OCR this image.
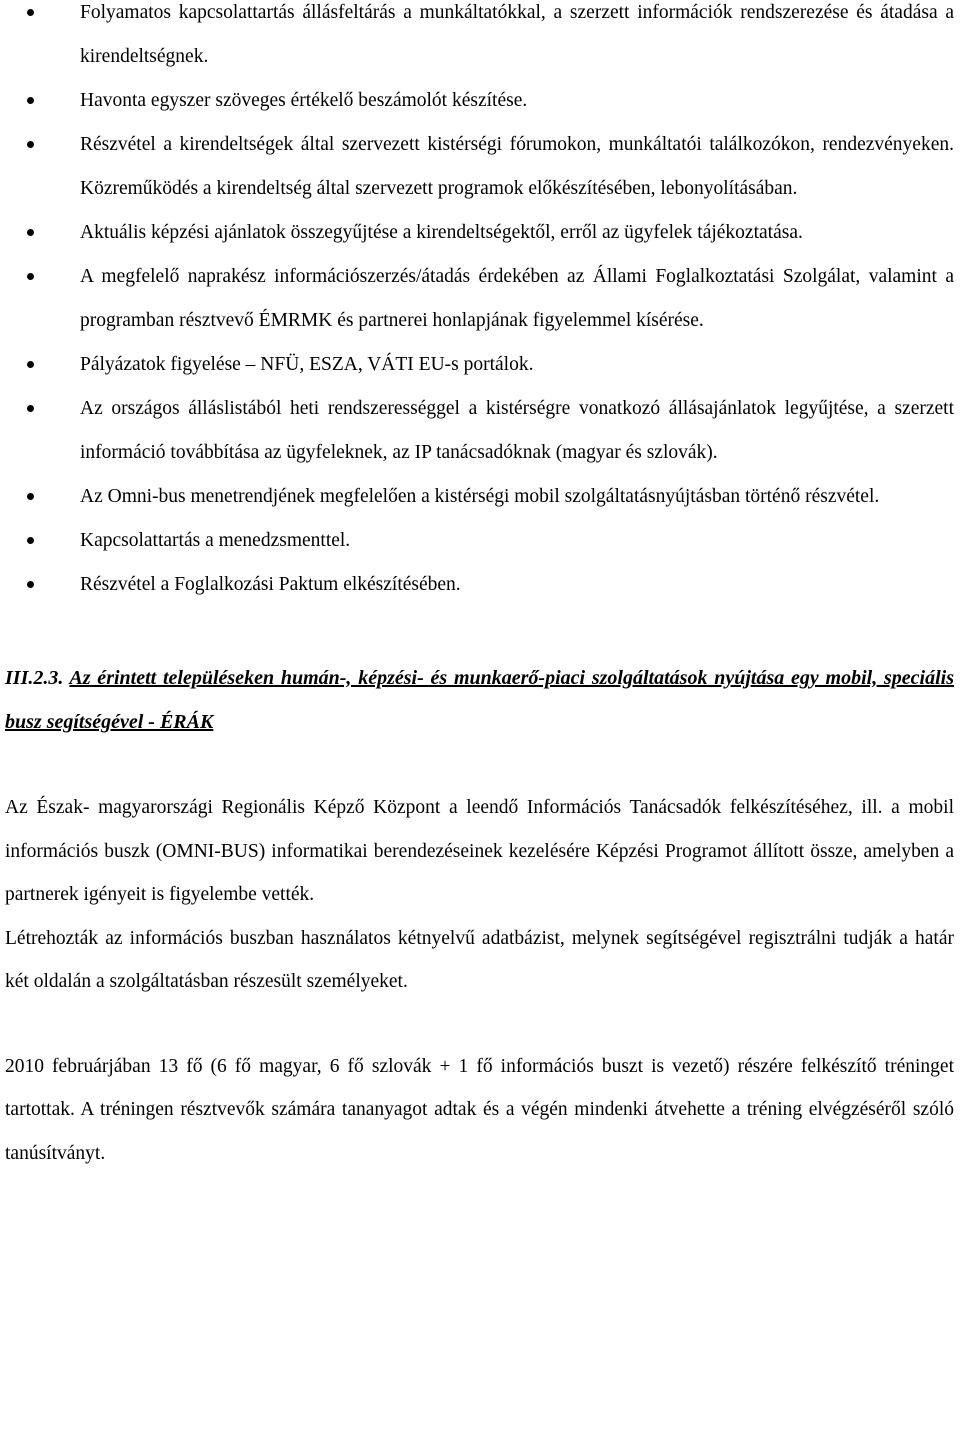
Folyamatos kapcsolattartás állásfeltárás a munkáltatókkal, a szerzett információk rendszerezése és átadása a kirendeltségnek.
Havonta egyszer szöveges értékelő beszámolót készítése.
Részvétel a kirendeltségek által szervezett kistérségi fórumokon, munkáltatói találkozókon, rendezvényeken. Közreműködés a kirendeltség által szervezett programok előkészítésében, lebonyolításában.
Aktuális képzési ajánlatok összegyűjtése a kirendeltségektől, erről az ügyfelek tájékoztatása.
A megfelelő naprakész információszerzés/átadás érdekében az Állami Foglalkoztatási Szolgálat, valamint a programban résztvevő ÉMRMK és partnerei honlapjának figyelemmel kísérése.
Pályázatok figyelése – NFÜ, ESZA, VÁTI EU-s portálok.
Az országos álláslistából heti rendszerességgel a kistérségre vonatkozó állásajánlatok legyűjtése, a szerzett információ továbbítása az ügyfeleknek, az IP tanácsadóknak (magyar és szlovák).
Az Omni-bus menetrendjének megfelelően a kistérségi mobil szolgáltatásnyújtásban történő részvétel.
Kapcsolattartás a menedzsmenttel.
Részvétel a Foglalkozási Paktum elkészítésében.
III.2.3. Az érintett településeken humán-, képzési- és munkaerő-piaci szolgáltatások nyújtása egy mobil, speciális busz segítségével - ÉRÁK

Az Észak- magyarországi Regionális Képző Központ a leendő Információs Tanácsadók felkészítéséhez, ill. a mobil információs buszk (OMNI-BUS) informatikai berendezéseinek kezelésére Képzési Programot állított össze, amelyben a partnerek igényeit is figyelembe vették.

Létrehozták az információs buszban használatos kétnyelvű adatbázist, melynek segítségével regisztrálni tudják a határ két oldalán a szolgáltatásban részesült személyeket.

2010 februárjában 13 fő (6 fő magyar, 6 fő szlovák + 1 fő információs buszt is vezető) részére felkészítő tréninget tartottak. A tréningen résztvevők számára tananyagot adtak és a végén mindenki átvehette a tréning elvégzéséről szóló tanúsítványt.
